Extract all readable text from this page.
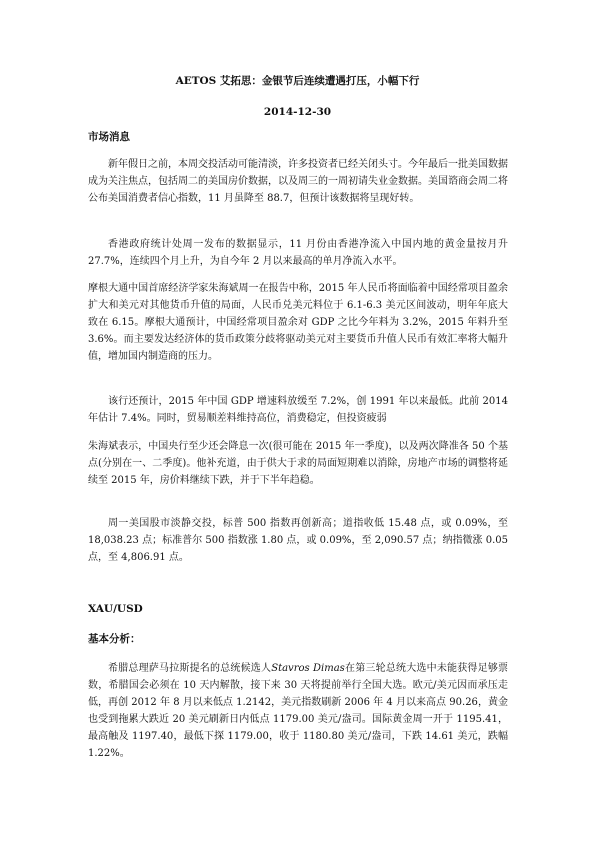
AETOS 艾拓思：金银节后连续遭遇打压，小幅下行
2014-12-30
市场消息

新年假日之前，本周交投活动可能清淡，许多投资者已经关闭头寸。今年最后一批美国数据成为关注焦点，包括周二的美国房价数据，以及周三的一周初请失业金数据。美国谘商会周二将公布美国消费者信心指数，11 月虽降至 88.7，但预计该数据将呈现好转。

香港政府统计处周一发布的数据显示，11 月份由香港净流入中国内地的黄金量按月升 27.7%，连续四个月上升，为自今年 2 月以来最高的单月净流入水平。

摩根大通中国首席经济学家朱海斌周一在报告中称，2015 年人民币将面临着中国经常项目盈余扩大和美元对其他货币升值的局面，人民币兑美元料位于 6.1-6.3 美元区间波动，明年年底大致在 6.15。摩根大通预计，中国经常项目盈余对 GDP 之比今年料为 3.2%，2015 年料升至 3.6%。而主要发达经济体的货币政策分歧将驱动美元对主要货币升值人民币有效汇率将大幅升值，增加国内制造商的压力。

该行还预计，2015 年中国 GDP 增速料放缓至 7.2%，创 1991 年以来最低。此前 2014 年估计 7.4%。同时，贸易顺差料维持高位，消费稳定，但投资疲弱

朱海斌表示，中国央行至少还会降息一次(很可能在 2015 年一季度)，以及两次降准各 50 个基点(分别在一、二季度)。他补充道，由于供大于求的局面短期难以消除，房地产市场的调整将延续至 2015 年，房价料继续下跌，并于下半年趋稳。

周一美国股市淡静交投，标普 500 指数再创新高；道指收低 15.48 点，或 0.09%，至 18,038.23 点；标准普尔 500 指数涨 1.80 点，或 0.09%，至 2,090.57 点；纳指微涨 0.05 点，至 4,806.91 点。

XAU/USD
基本分析：

希腊总理萨马拉斯提名的总统候选人Stavros Dimas在第三轮总统大选中未能获得足够票数，希腊国会必须在 10 天内解散，接下来 30 天将提前举行全国大选。欧元/美元因而承压走低，再创 2012 年 8 月以来低点 1.2142，美元指数刷新 2006 年 4 月以来高点 90.26，黄金也受到拖累大跌近 20 美元刷新日内低点 1179.00 美元/盎司。国际黄金周一开于 1195.41，最高触及 1197.40，最低下探 1179.00，收于 1180.80 美元/盎司，下跌 14.61 美元，跌幅 1.22%。
